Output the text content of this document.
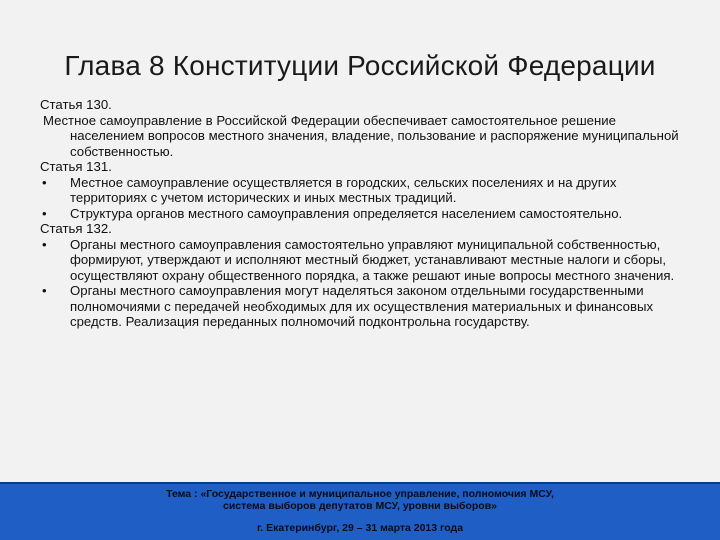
Глава 8 Конституции Российской Федерации

Статья 130.

Местное самоуправление в Российской Федерации обеспечивает самостоятельное решение населением вопросов местного значения, владение, пользование и распоряжение муниципальной собственностью.

Статья 131.

•	Местное самоуправление осуществляется в городских, сельских поселениях и на других территориях с учетом исторических и иных местных традиций.
•	Структура органов местного самоуправления определяется населением самостоятельно.

Статья 132.

•	Органы местного самоуправления самостоятельно управляют муниципальной собственностью, формируют, утверждают и исполняют местный бюджет, устанавливают местные налоги и сборы, осуществляют охрану общественного порядка, а также решают иные вопросы местного значения.
•	Органы местного самоуправления могут наделяться законом отдельными государственными полномочиями с передачей необходимых для их осуществления материальных и финансовых средств. Реализация переданных полномочий подконтрольна государству.
Тема : «Государственное и муниципальное управление, полномочия МСУ,
система выборов депутатов МСУ, уровни выборов»
г. Екатеринбург, 29 – 31 марта 2013 года
